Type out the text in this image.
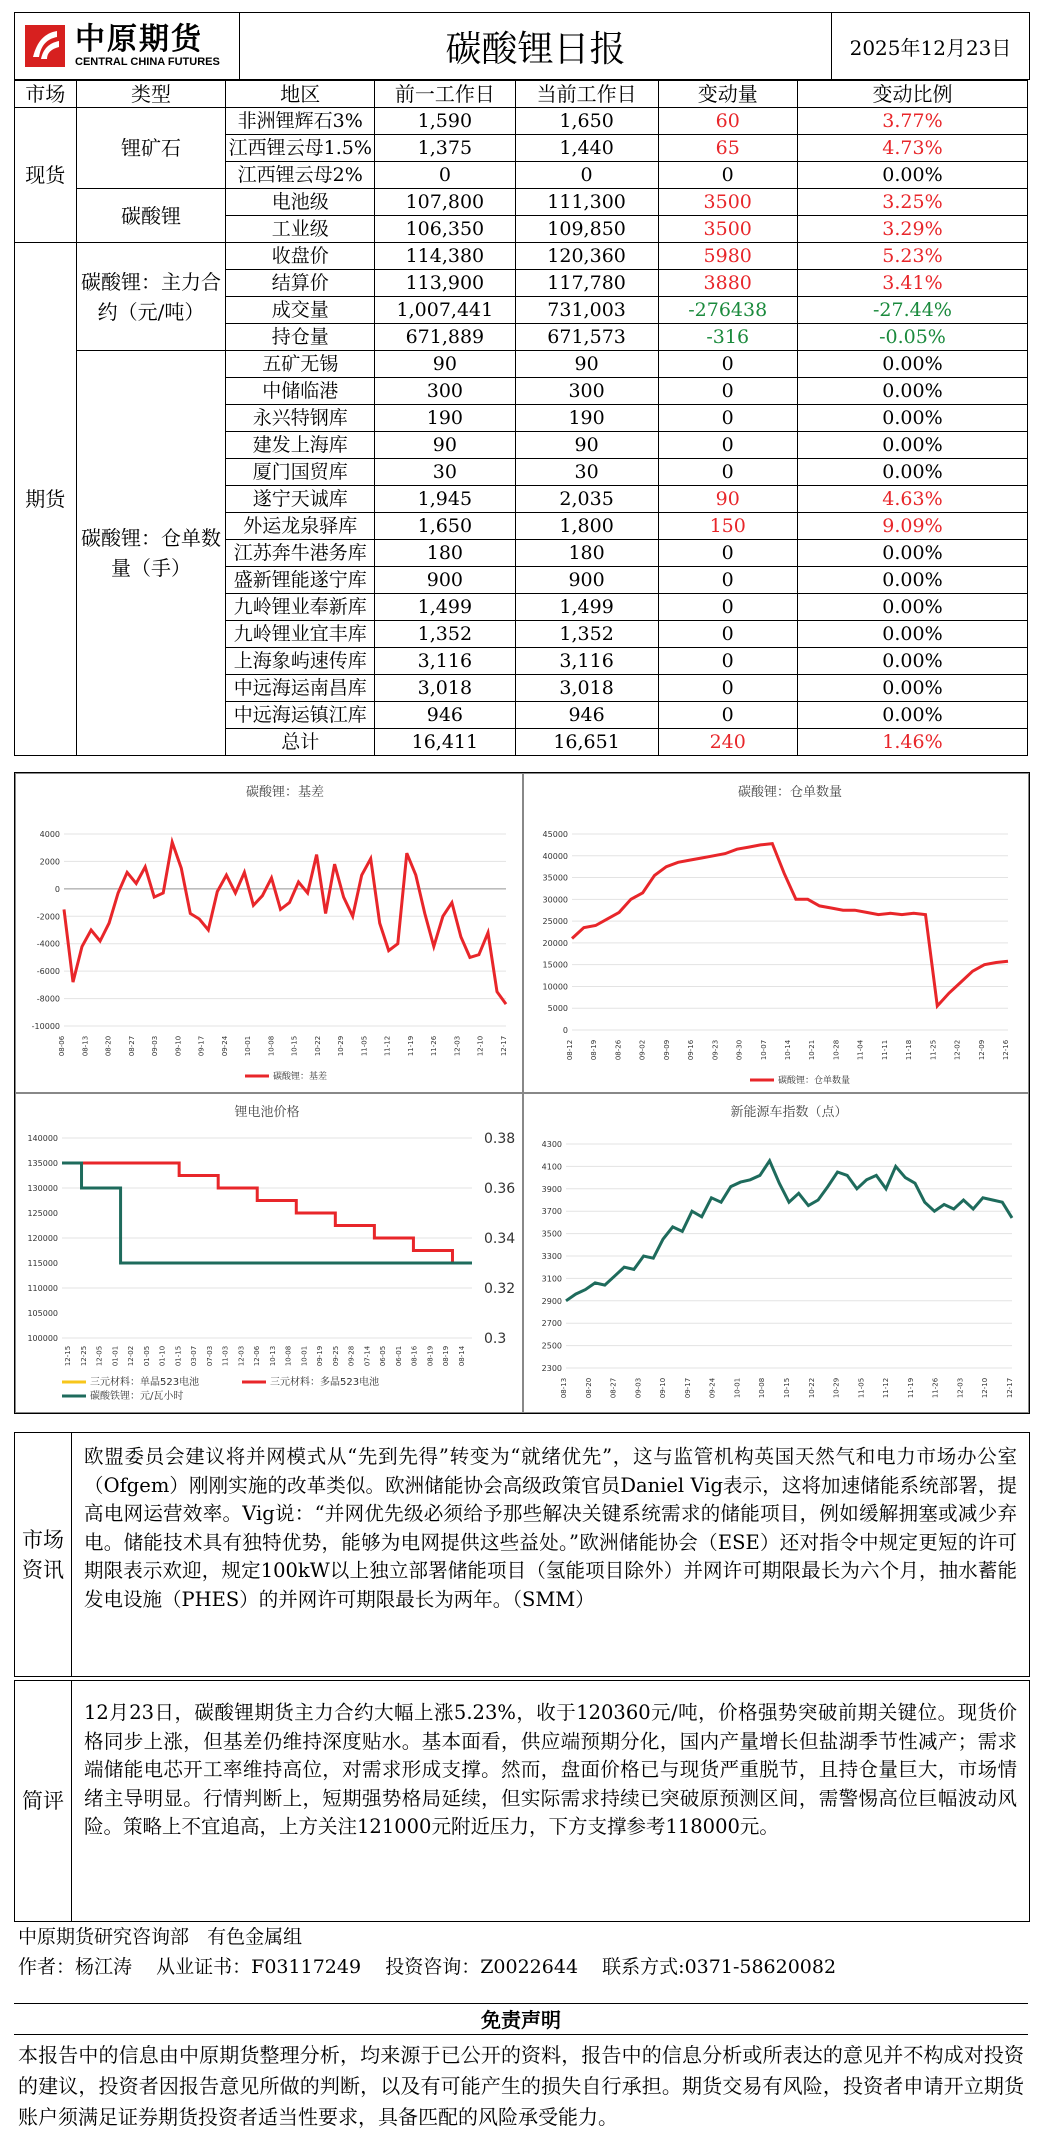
中原期货
CENTRAL CHINA FUTURES	碳酸锂日报	2025年12月23日
市场	类型	地区	前一工作日	当前工作日	变动量	变动比例
现货	锂矿石	非洲锂辉石3%	1,590	1,650	60	3.77%
		江西锂云母1.5%	1,375	1,440	65	4.73%
		江西锂云母2%	0	0	0	0.00%
	碳酸锂	电池级	107,800	111,300	3500	3.25%
		工业级	106,350	109,850	3500	3.29%
期货	碳酸锂：主力合约（元/吨）	收盘价	114,380	120,360	5980	5.23%
		结算价	113,900	117,780	3880	3.41%
		成交量	1,007,441	731,003	-276438	-27.44%
		持仓量	671,889	671,573	-316	-0.05%
	碳酸锂：仓单数量（手）	五矿无锡	90	90	0	0.00%
		中储临港	300	300	0	0.00%
		永兴特钢库	190	190	0	0.00%
		建发上海库	90	90	0	0.00%
		厦门国贸库	30	30	0	0.00%
		遂宁天诚库	1,945	2,035	90	4.63%
		外运龙泉驿库	1,650	1,800	150	9.09%
		江苏奔牛港务库	180	180	0	0.00%
		盛新锂能遂宁库	900	900	0	0.00%
		九岭锂业奉新库	1,499	1,499	0	0.00%
		九岭锂业宜丰库	1,352	1,352	0	0.00%
		上海象屿速传库	3,116	3,116	0	0.00%
		中远海运南昌库	3,018	3,018	0	0.00%
		中远海运镇江库	946	946	0	0.00%
		总计	16,411	16,651	240	1.46%
碳酸锂：基差
4000
2000
0
-2000
-4000
-6000
-8000
-10000
08-06 08-13 08-20 08-27 09-03 09-10 09-17 09-24 10-01 10-08 10-15 10-22 10-29 11-05 11-12 11-19 11-26 12-03 12-10 12-17
碳酸锂：基差
碳酸锂：仓单数量
45000
40000
35000
30000
25000
20000
15000
10000
5000
0
08-12 08-19 08-26 09-02 09-09 09-16 09-23 09-30 10-07 10-14 10-21 10-28 11-04 11-11 11-18 11-25 12-02 12-09 12-16
碳酸锂：仓单数量
锂电池价格
140000
135000
130000
125000
120000
115000
110000
105000
100000
0.38
0.36
0.34
0.32
0.3
12-15 12-25 12-05 01-01 12-02 01-05 01-10 01-15 03-07 07-03 11-03 12-03 12-06 10-13 10-08 10-01 09-19 09-25 09-28 07-14 06-05 06-01 08-16 08-19 08-19 08-14
三元材料：单晶523电池	三元材料：多晶523电池
碳酸铁锂：元/瓦小时
新能源车指数（点）
4300
4100
3900
3700
3500
3300
3100
2900
2700
2500
2300
08-13 08-20 08-27 09-03 09-10 09-17 09-24 10-01 10-08 10-15 10-22 10-29 11-05 11-12 11-19 11-26 12-03 12-10 12-17
市场资讯
欧盟委员会建议将并网模式从“先到先得”转变为“就绪优先”，这与监管机构英国天然气和电力市场办公室（Ofgem）刚刚实施的改革类似。欧洲储能协会高级政策官员Daniel Vig表示，这将加速储能系统部署，提高电网运营效率。Vig说：“并网优先级必须给予那些解决关键系统需求的储能项目，例如缓解拥塞或减少弃电。储能技术具有独特优势，能够为电网提供这些益处。”欧洲储能协会（ESE）还对指令中规定更短的许可期限表示欢迎，规定100kW以上独立部署储能项目（氢能项目除外）并网许可期限最长为六个月，抽水蓄能发电设施（PHES）的并网许可期限最长为两年。（SMM）
简评
12月23日，碳酸锂期货主力合约大幅上涨5.23%，收于120360元/吨，价格强势突破前期关键位。现货价格同步上涨，但基差仍维持深度贴水。基本面看，供应端预期分化，国内产量增长但盐湖季节性减产；需求端储能电芯开工率维持高位，对需求形成支撑。然而，盘面价格已与现货严重脱节，且持仓量巨大，市场情绪主导明显。行情判断上，短期强势格局延续，但实际需求持续已突破原预测区间，需警惕高位巨幅波动风险。策略上不宜追高，上方关注121000元附近压力，下方支撑参考118000元。
中原期货研究咨询部   有色金属组
作者：杨江涛    从业证书：F03117249    投资咨询：Z0022644    联系方式:0371-58620082
免责声明
本报告中的信息由中原期货整理分析，均来源于已公开的资料，报告中的信息分析或所表达的意见并不构成对投资的建议，投资者因报告意见所做的判断，以及有可能产生的损失自行承担。期货交易有风险，投资者申请开立期货账户须满足证券期货投资者适当性要求，具备匹配的风险承受能力。
